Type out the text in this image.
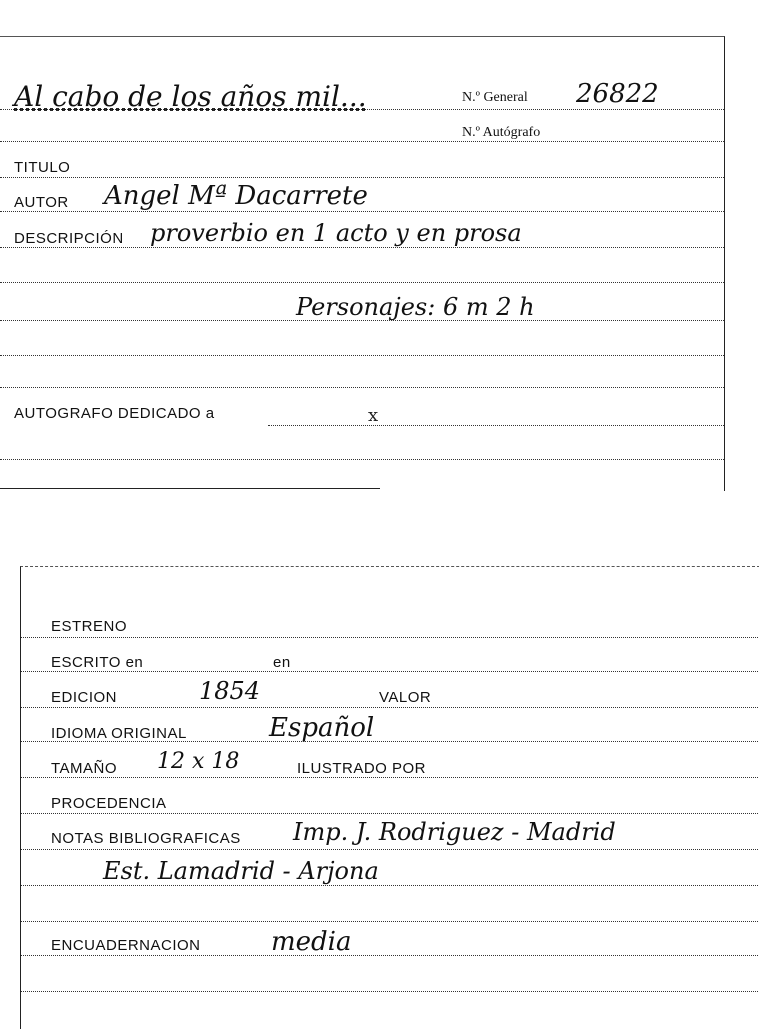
Al cabo de los años mil...	N.º General 26822
N.º Autógrafo
TITULO
AUTOR Angel Mª Dacarrete
DESCRIPCIÓN proverbio en 1 acto y en prosa
Personajes: 6 m 2 h
AUTOGRAFO DEDICADO a	x
ESTRENO
ESCRITO en	en
EDICION	1854	VALOR
IDIOMA ORIGINAL	Español
TAMAÑO 12 x 18	ILUSTRADO POR
PROCEDENCIA
NOTAS BIBLIOGRAFICAS Imp. J. Rodriguez - Madrid
Est. Lamadrid - Arjona
ENCUADERNACION	media
